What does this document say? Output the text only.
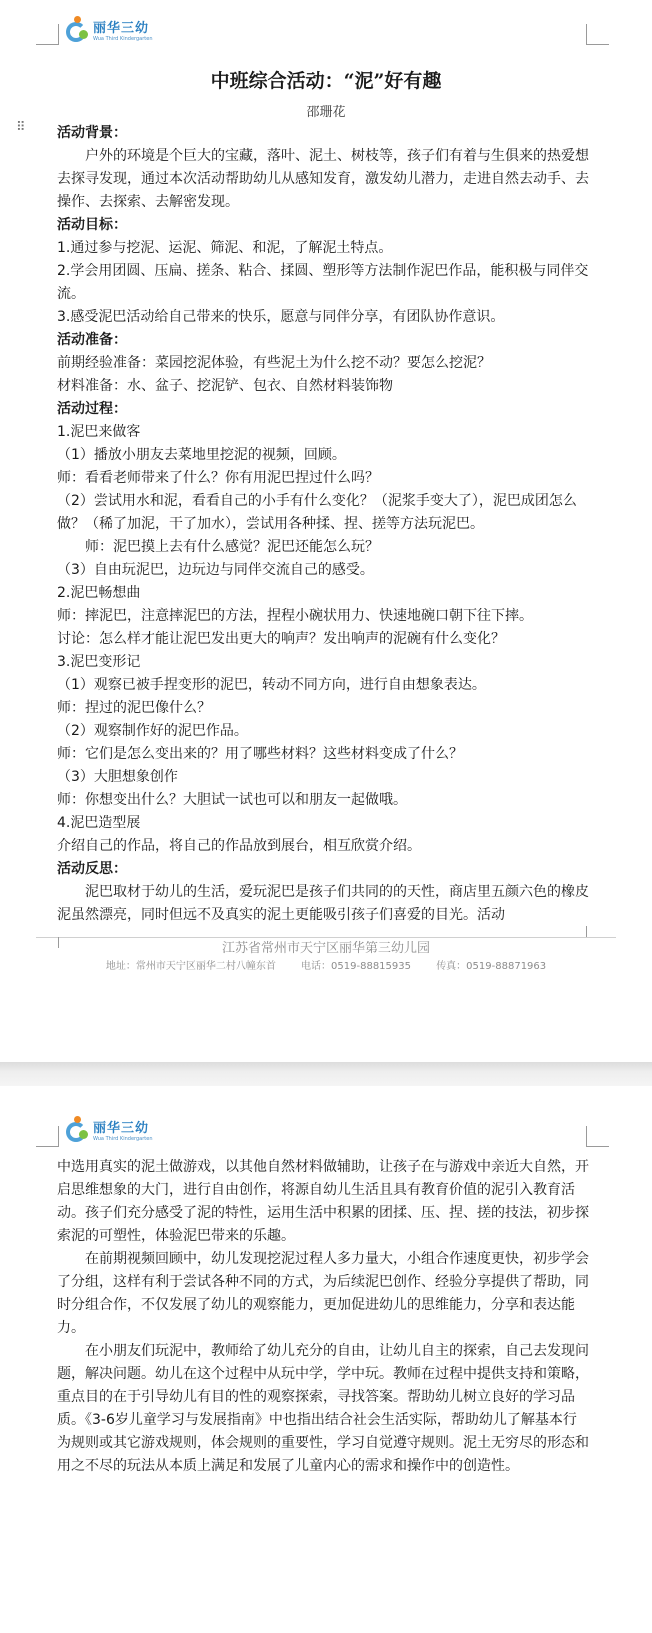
丽华三幼
Wua Third Kindergarten
中班综合活动：“泥”好有趣
邵珊花
⠿ 活动背景：

户外的环境是个巨大的宝藏，落叶、泥土、树枝等，孩子们有着与生俱来的热爱想去探寻发现，通过本次活动帮助幼儿从感知发育，激发幼儿潜力，走进自然去动手、去操作、去探索、去解密发现。

活动目标：

1.通过参与挖泥、运泥、筛泥、和泥，了解泥土特点。

2.学会用团圆、压扁、搓条、粘合、揉圆、塑形等方法制作泥巴作品，能积极与同伴交流。

3.感受泥巴活动给自己带来的快乐，愿意与同伴分享，有团队协作意识。

活动准备：

前期经验准备：菜园挖泥体验，有些泥土为什么挖不动？要怎么挖泥？

材料准备：水、盆子、挖泥铲、包衣、自然材料装饰物

活动过程：

1.泥巴来做客

（1）播放小朋友去菜地里挖泥的视频，回顾。

师：看看老师带来了什么？你有用泥巴捏过什么吗？

（2）尝试用水和泥，看看自己的小手有什么变化？（泥浆手变大了），泥巴成团怎么做？（稀了加泥，干了加水），尝试用各种揉、捏、搓等方法玩泥巴。

师：泥巴摸上去有什么感觉？泥巴还能怎么玩？

（3）自由玩泥巴，边玩边与同伴交流自己的感受。

2.泥巴畅想曲

师：摔泥巴，注意摔泥巴的方法，捏程小碗状用力、快速地碗口朝下往下摔。

讨论：怎么样才能让泥巴发出更大的响声？发出响声的泥碗有什么变化？

3.泥巴变形记

（1）观察已被手捏变形的泥巴，转动不同方向，进行自由想象表达。

师：捏过的泥巴像什么？

（2）观察制作好的泥巴作品。

师：它们是怎么变出来的？用了哪些材料？这些材料变成了什么？

（3）大胆想象创作

师：你想变出什么？大胆试一试也可以和朋友一起做哦。

4.泥巴造型展

介绍自己的作品，将自己的作品放到展台，相互欣赏介绍。

活动反思：

泥巴取材于幼儿的生活，爱玩泥巴是孩子们共同的的天性，商店里五颜六色的橡皮泥虽然漂亮，同时但远不及真实的泥土更能吸引孩子们喜爱的目光。活动

江苏省常州市天宁区丽华第三幼儿园
地址：常州市天宁区丽华二村八幢东首	电话：0519-88815935	传真：0519-88871963
丽华三幼
Wua Third Kindergarten

中选用真实的泥土做游戏，以其他自然材料做辅助，让孩子在与游戏中亲近大自然，开启思维想象的大门，进行自由创作，将源自幼儿生活且具有教育价值的泥引入教育活动。孩子们充分感受了泥的特性，运用生活中积累的团揉、压、捏、搓的技法，初步探索泥的可塑性，体验泥巴带来的乐趣。

在前期视频回顾中，幼儿发现挖泥过程人多力量大，小组合作速度更快，初步学会了分组，这样有利于尝试各种不同的方式，为后续泥巴创作、经验分享提供了帮助，同时分组合作，不仅发展了幼儿的观察能力，更加促进幼儿的思维能力，分享和表达能力。

在小朋友们玩泥中，教师给了幼儿充分的自由，让幼儿自主的探索，自己去发现问题，解决问题。幼儿在这个过程中从玩中学，学中玩。教师在过程中提供支持和策略，重点目的在于引导幼儿有目的性的观察探索，寻找答案。帮助幼儿树立良好的学习品质。《3-6岁儿童学习与发展指南》中也指出结合社会生活实际，帮助幼儿了解基本行为规则或其它游戏规则，体会规则的重要性，学习自觉遵守规则。泥土无穷尽的形态和用之不尽的玩法从本质上满足和发展了儿童内心的需求和操作中的创造性。
